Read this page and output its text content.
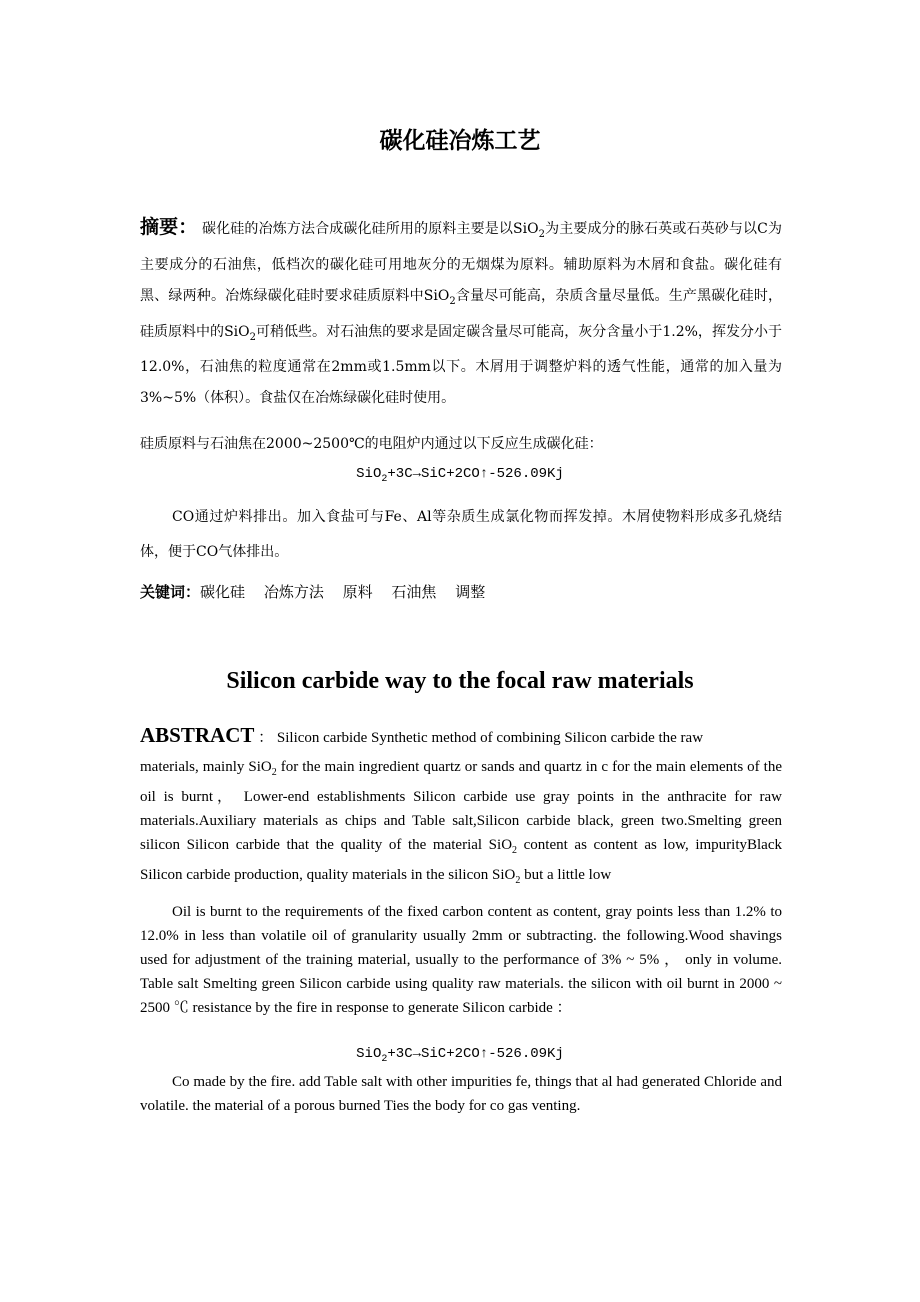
碳化硅冶炼工艺

摘要： 碳化硅的冶炼方法合成碳化硅所用的原料主要是以SiO$_2$为主要成分的脉石英或石英砂与以C为主要成分的石油焦，低档次的碳化硅可用地灰分的无烟煤为原料。辅助原料为木屑和食盐。碳化硅有黑、绿两种。冶炼绿碳化硅时要求硅质原料中SiO$_2$含量尽可能高，杂质含量尽量低。生产黑碳化硅时，硅质原料中的SiO$_2$可稍低些。对石油焦的要求是固定碳含量尽可能高，灰分含量小于1.2%，挥发分小于12.0%，石油焦的粒度通常在2mm或1.5mm以下。木屑用于调整炉料的透气性能，通常的加入量为3%~5%（体积）。食盐仅在冶炼绿碳化硅时使用。

硅质原料与石油焦在2000~2500℃的电阻炉内通过以下反应生成碳化硅：

SiO$_2$+3C→SiC+2CO↑-526.09Kj

CO通过炉料排出。加入食盐可与Fe、Al等杂质生成氯化物而挥发掉。木屑使物料形成多孔烧结体，便于CO气体排出。

关键词：碳化硅 冶炼方法 原料 石油焦 调整

Silicon carbide way to the focal raw materials

ABSTRACT ： Silicon carbide Synthetic method of combining Silicon carbide the raw
materials, mainly SiO$_2$ for the main ingredient quartz or sands and quartz in c for the main elements of the oil is burnt， Lower-end establishments Silicon carbide use gray points in the anthracite for raw materials.Auxiliary materials as chips and Table salt,Silicon carbide black, green two.Smelting green silicon Silicon carbide that the quality of the material SiO$_2$ content as content as low, impurityBlack Silicon carbide production, quality materials in the silicon SiO$_2$ but a little low

Oil is burnt to the requirements of the fixed carbon content as content, gray points less than 1.2% to 12.0% in less than volatile oil of granularity usually 2mm or subtracting. the following.Wood shavings used for adjustment of the training material, usually to the performance of 3% ~ 5% ， only in volume. Table salt Smelting green Silicon carbide using quality raw materials. the silicon with oil burnt in 2000 ~ 2500 ℃ resistance by the fire in response to generate Silicon carbide ：

SiO$_2$+3C→SiC+2CO↑-526.09Kj

Co made by the fire. add Table salt with other impurities fe, things that al had generated Chloride and volatile. the material of a porous burned Ties the body for co gas venting.
